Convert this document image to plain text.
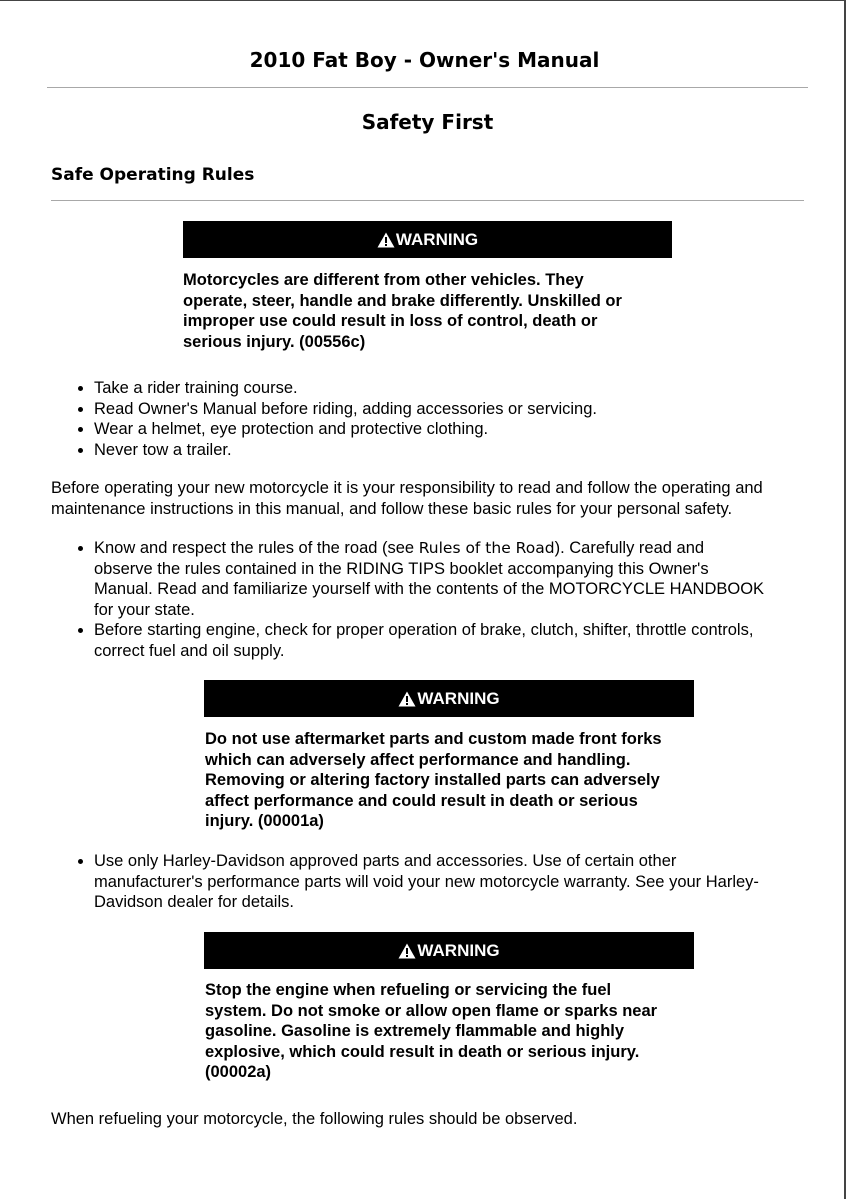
2010 Fat Boy - Owner's Manual
Safety First
Safe Operating Rules
WARNING
Motorcycles are different from other vehicles. They
operate, steer, handle and brake differently. Unskilled or
improper use could result in loss of control, death or
serious injury. (00556c)
• Take a rider training course.
• Read Owner's Manual before riding, adding accessories or servicing.
• Wear a helmet, eye protection and protective clothing.
• Never tow a trailer.
Before operating your new motorcycle it is your responsibility to read and follow the operating and
maintenance instructions in this manual, and follow these basic rules for your personal safety.
• Know and respect the rules of the road (see Rules of the Road). Carefully read and
observe the rules contained in the RIDING TIPS booklet accompanying this Owner's
Manual. Read and familiarize yourself with the contents of the MOTORCYCLE HANDBOOK
for your state.
• Before starting engine, check for proper operation of brake, clutch, shifter, throttle controls,
correct fuel and oil supply.
WARNING
Do not use aftermarket parts and custom made front forks
which can adversely affect performance and handling.
Removing or altering factory installed parts can adversely
affect performance and could result in death or serious
injury. (00001a)
• Use only Harley-Davidson approved parts and accessories. Use of certain other
manufacturer's performance parts will void your new motorcycle warranty. See your Harley-
Davidson dealer for details.
WARNING
Stop the engine when refueling or servicing the fuel
system. Do not smoke or allow open flame or sparks near
gasoline. Gasoline is extremely flammable and highly
explosive, which could result in death or serious injury.
(00002a)

When refueling your motorcycle, the following rules should be observed.
